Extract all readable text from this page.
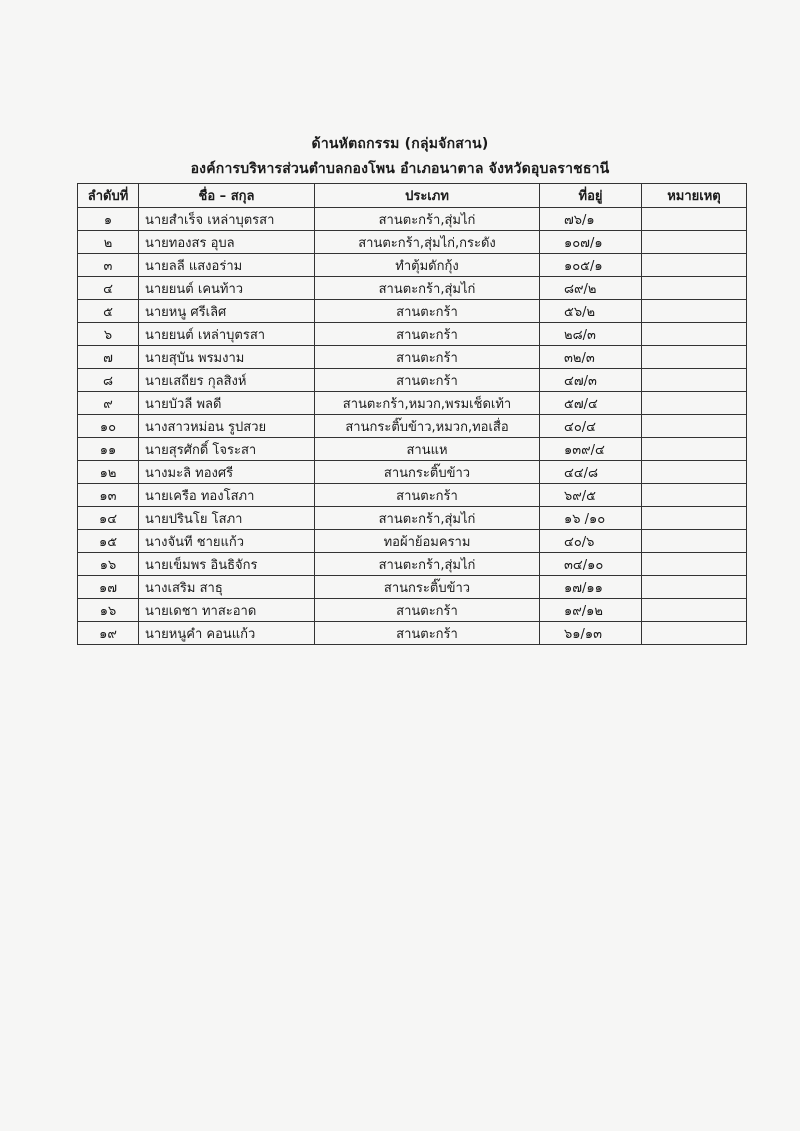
ด้านหัตถกรรม (กลุ่มจักสาน)
องค์การบริหารส่วนตำบลกองโพน อำเภอนาตาล จังหวัดอุบลราชธานี
ลำดับที่	ชื่อ – สกุล	ประเภท	ที่อยู่	หมายเหตุ
๑	นายสำเร็จ เหล่าบุตรสา	สานตะกร้า,สุ่มไก่	๗๖/๑	
๒	นายทองสร อุบล	สานตะกร้า,สุ่มไก่,กระดัง	๑๐๗/๑	
๓	นายลลี แสงอร่าม	ทำตุ้มดักกุ้ง	๑๐๕/๑	
๔	นายยนต์ เคนท้าว	สานตะกร้า,สุ่มไก่	๘๙/๒	
๕	นายหนู ศรีเลิศ	สานตะกร้า	๕๖/๒	
๖	นายยนต์ เหล่าบุตรสา	สานตะกร้า	๒๘/๓	
๗	นายสุบัน พรมงาม	สานตะกร้า	๓๒/๓	
๘	นายเสถียร กุลสิงห์	สานตะกร้า	๔๗/๓	
๙	นายบัวลี พลดี	สานตะกร้า,หมวก,พรมเช็ดเท้า	๕๗/๔	
๑๐	นางสาวหม่อน รูปสวย	สานกระติ๊บข้าว,หมวก,ทอเสื่อ	๔๐/๔	
๑๑	นายสุรศักดิ์ โจระสา	สานแห	๑๓๙/๔	
๑๒	นางมะลิ ทองศรี	สานกระติ๊บข้าว	๔๔/๘	
๑๓	นายเครือ ทองโสภา	สานตะกร้า	๖๙/๕	
๑๔	นายปรินโย โสภา	สานตะกร้า,สุ่มไก่	๑๖ /๑๐	
๑๕	นางจันที ชายแก้ว	ทอผ้าย้อมคราม	๔๐/๖	
๑๖	นายเข็มพร อินธิจักร	สานตะกร้า,สุ่มไก่	๓๔/๑๐	
๑๗	นางเสริม สาธุ	สานกระติ๊บข้าว	๑๗/๑๑	
๑๖	นายเดชา ทาสะอาด	สานตะกร้า	๑๙/๑๒	
๑๙	นายหนูคำ คอนแก้ว	สานตะกร้า	๖๑/๑๓	
